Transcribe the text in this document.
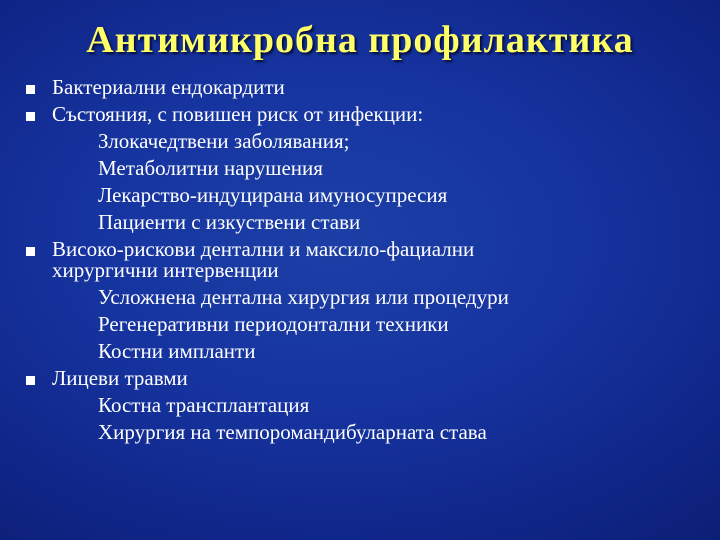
Антимикробна профилактика
Бактериални ендокардити
Състояния, с повишен риск от инфекции:
Злокачедтвени заболявания;
Метаболитни нарушения
Лекарство-индуцирана имуносупресия
Пациенти с изкуствени стави
Високо-рискови дентални и максило-фациални
хирургични интервенции
Усложнена дентална хирургия или процедури
Регенеративни периодонтални техники
Костни импланти
Лицеви травми
Костна трансплантация
Хирургия на темпоромандибуларната става
